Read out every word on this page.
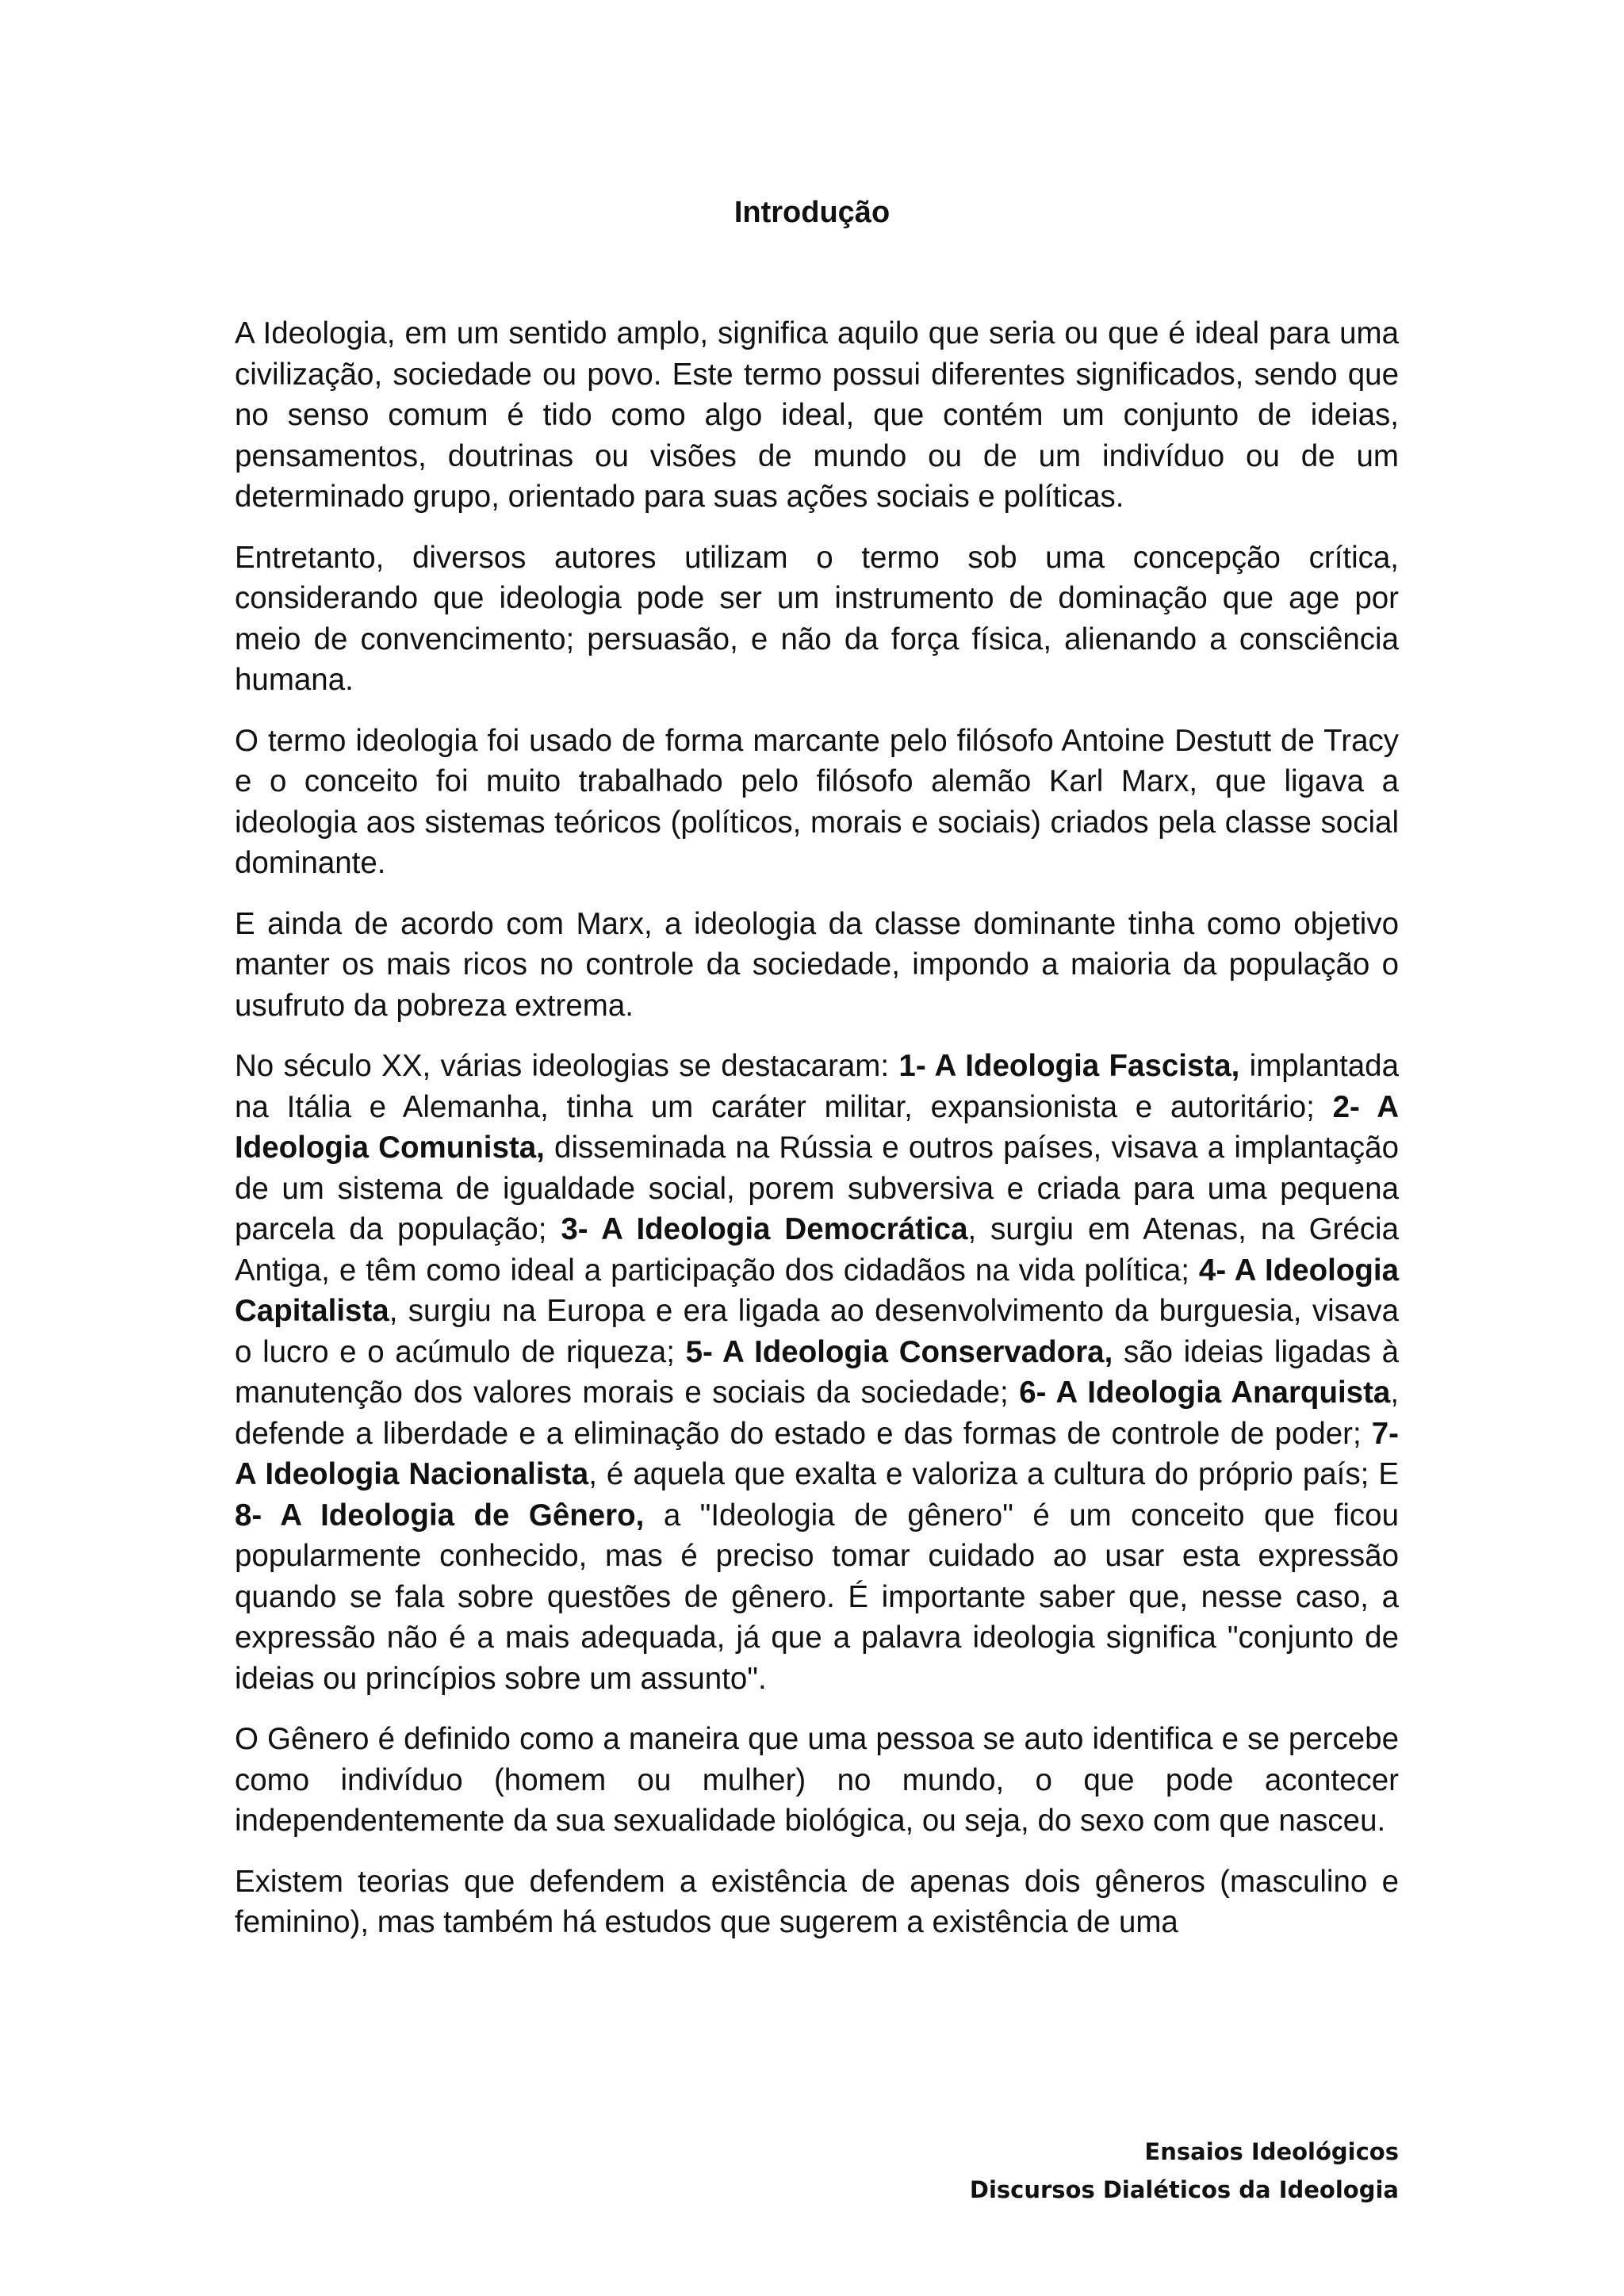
Introdução

A Ideologia, em um sentido amplo, significa aquilo que seria ou que é ideal para uma civilização, sociedade ou povo. Este termo possui diferentes significados, sendo que no senso comum é tido como algo ideal, que contém um conjunto de ideias, pensamentos, doutrinas ou visões de mundo ou de um indivíduo ou de um determinado grupo, orientado para suas ações sociais e políticas.

Entretanto, diversos autores utilizam o termo sob uma concepção crítica, considerando que ideologia pode ser um instrumento de dominação que age por meio de convencimento; persuasão, e não da força física, alienando a consciência humana.

O termo ideologia foi usado de forma marcante pelo filósofo Antoine Destutt de Tracy e o conceito foi muito trabalhado pelo filósofo alemão Karl Marx, que ligava a ideologia aos sistemas teóricos (políticos, morais e sociais) criados pela classe social dominante.

E ainda de acordo com Marx, a ideologia da classe dominante tinha como objetivo manter os mais ricos no controle da sociedade, impondo a maioria da população o usufruto da pobreza extrema.

No século XX, várias ideologias se destacaram: 1- A Ideologia Fascista, implantada na Itália e Alemanha, tinha um caráter militar, expansionista e autoritário; 2- A Ideologia Comunista, disseminada na Rússia e outros países, visava a implantação de um sistema de igualdade social, porem subversiva e criada para uma pequena parcela da população; 3- A Ideologia Democrática, surgiu em Atenas, na Grécia Antiga, e têm como ideal a participação dos cidadãos na vida política; 4- A Ideologia Capitalista, surgiu na Europa e era ligada ao desenvolvimento da burguesia, visava o lucro e o acúmulo de riqueza; 5- A Ideologia Conservadora, são ideias ligadas à manutenção dos valores morais e sociais da sociedade; 6- A Ideologia Anarquista, defende a liberdade e a eliminação do estado e das formas de controle de poder; 7- A Ideologia Nacionalista, é aquela que exalta e valoriza a cultura do próprio país; E 8- A Ideologia de Gênero, a "Ideologia de gênero" é um conceito que ficou popularmente conhecido, mas é preciso tomar cuidado ao usar esta expressão quando se fala sobre questões de gênero. É importante saber que, nesse caso, a expressão não é a mais adequada, já que a palavra ideologia significa "conjunto de ideias ou princípios sobre um assunto".

O Gênero é definido como a maneira que uma pessoa se auto identifica e se percebe como indivíduo (homem ou mulher) no mundo, o que pode acontecer independentemente da sua sexualidade biológica, ou seja, do sexo com que nasceu.

Existem teorias que defendem a existência de apenas dois gêneros (masculino e feminino), mas também há estudos que sugerem a existência de uma

Ensaios Ideológicos
Discursos Dialéticos da Ideologia
